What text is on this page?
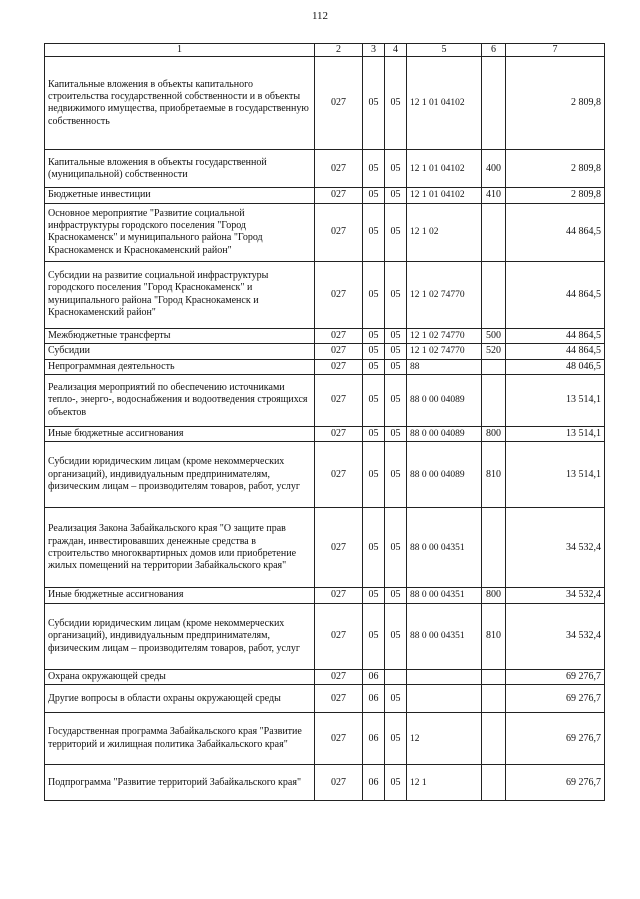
112
1	2	3	4	5	6	7
Капитальные вложения в объекты капитального строительства государственной собственности и в объекты недвижимого имущества, приобретаемые в государственную собственность	027	05	05	12 1 01 04102		2 809,8
Капитальные вложения в объекты государственной (муниципальной) собственности	027	05	05	12 1 01 04102	400	2 809,8
Бюджетные инвестиции	027	05	05	12 1 01 04102	410	2 809,8
Основное мероприятие "Развитие социальной инфраструктуры городского поселения "Город Краснокаменск" и муниципального района "Город Краснокаменск и Краснокаменский район"	027	05	05	12 1 02		44 864,5
Субсидии на развитие социальной инфраструктуры городского поселения "Город Краснокаменск" и муниципального района "Город Краснокаменск и Краснокаменский район"	027	05	05	12 1 02 74770		44 864,5
Межбюджетные трансферты	027	05	05	12 1 02 74770	500	44 864,5
Субсидии	027	05	05	12 1 02 74770	520	44 864,5
Непрограммная деятельность	027	05	05	88		48 046,5
Реализация мероприятий по обеспечению источниками тепло-, энерго-, водоснабжения и водоотведения строящихся объектов	027	05	05	88 0 00 04089		13 514,1
Иные бюджетные ассигнования	027	05	05	88 0 00 04089	800	13 514,1
Субсидии юридическим лицам (кроме некоммерческих организаций), индивидуальным предпринимателям, физическим лицам – производителям товаров, работ, услуг	027	05	05	88 0 00 04089	810	13 514,1
Реализация Закона Забайкальского края "О защите прав граждан, инвестировавших денежные средства в строительство многоквартирных домов или приобретение жилых помещений на территории Забайкальского края"	027	05	05	88 0 00 04351		34 532,4
Иные бюджетные ассигнования	027	05	05	88 0 00 04351	800	34 532,4
Субсидии юридическим лицам (кроме некоммерческих организаций), индивидуальным предпринимателям, физическим лицам – производителям товаров, работ, услуг	027	05	05	88 0 00 04351	810	34 532,4
Охрана окружающей среды	027	06				69 276,7
Другие вопросы в области охраны окружающей среды	027	06	05			69 276,7
Государственная программа Забайкальского края "Развитие территорий и жилищная политика Забайкальского края"	027	06	05	12		69 276,7
Подпрограмма "Развитие территорий Забайкальского края"	027	06	05	12 1		69 276,7
